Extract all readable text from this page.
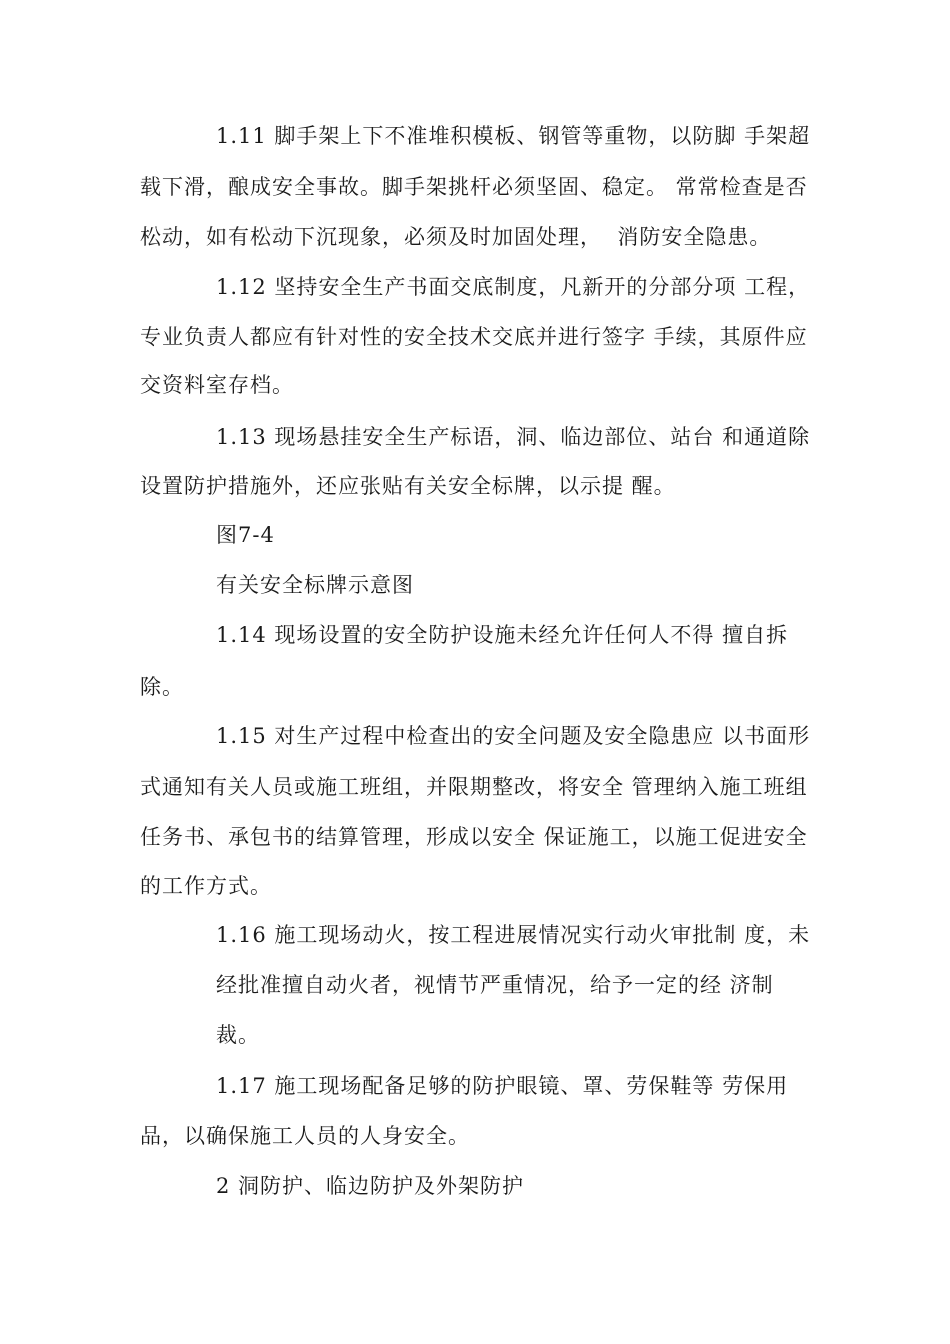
1.11 脚手架上下不准堆积模板、钢管等重物，以防脚 手架超
载下滑，酿成安全事故。脚手架挑杆必须坚固、稳定。 常常检查是否
松动，如有松动下沉现象，必须及时加固处理，  消防安全隐患。
1.12 坚持安全生产书面交底制度，凡新开的分部分项 工程，
专业负责人都应有针对性的安全技术交底并进行签字 手续，其原件应
交资料室存档。
1.13 现场悬挂安全生产标语，洞、临边部位、站台 和通道除
设置防护措施外，还应张贴有关安全标牌，以示提 醒。
图7-4
有关安全标牌示意图
1.14 现场设置的安全防护设施未经允许任何人不得 擅自拆
除。
1.15 对生产过程中检查出的安全问题及安全隐患应 以书面形
式通知有关人员或施工班组，并限期整改，将安全 管理纳入施工班组
任务书、承包书的结算管理，形成以安全 保证施工，以施工促进安全
的工作方式。
1.16 施工现场动火，按工程进展情况实行动火审批制 度，未
经批准擅自动火者，视情节严重情况，给予一定的经 济制
裁。
1.17 施工现场配备足够的防护眼镜、罩、劳保鞋等 劳保用
品，以确保施工人员的人身安全。
2 洞防护、临边防护及外架防护
